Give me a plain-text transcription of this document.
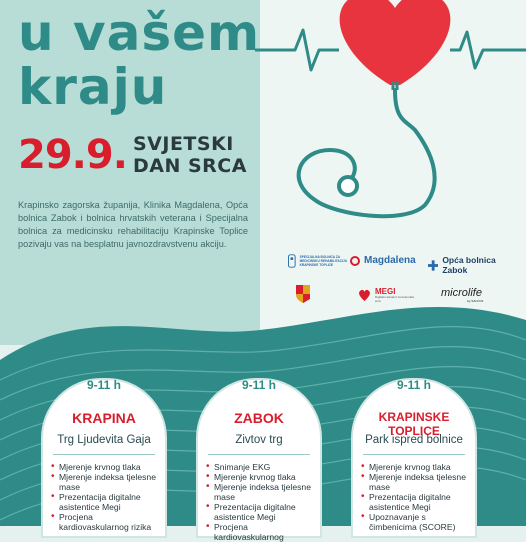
u vašem
kraju
29.9. SVJETSKI
DAN SRCA
Krapinsko zagorska županija, Klinika Magdalena, Opća bolnica Zabok i bolnica hrvatskih veterana i Specijalna bolnica za medicinsku rehabilitaciju Krapinske Toplice pozivaju vas na besplatnu javnozdravstvenu akciju.
SPECIJALNA BOLNICA ZA MEDICINSKU REHABILITACIJU KRAPINSKE TOPLICE	Magdalena	Opća bolnica Zabok
MEGI
Digitalni asistent za bolesnike srca
microlife
by SALFUS
9-11 h
KRAPINA
Trg Ljudevita Gaja
• Mjerenje krvnog tlaka
• Mjerenje indeksa tjelesne mase
• Prezentacija digitalne asistentice Megi
• Procjena kardiovaskularnog rizika
9-11 h
ZABOK
Zivtov trg
• Snimanje EKG
• Mjerenje krvnog tlaka
• Mjerenje indeksa tjelesne mase
• Prezentacija digitalne asistentice Megi
• Procjena kardiovaskularnog
9-11 h
KRAPINSKE TOPLICE
Park ispred bolnice
• Mjerenje krvnog tlaka
• Mjerenje indeksa tjelesne mase
• Prezentacija digitalne asistentice Megi
• Upoznavanje s čimbenicima (SCORE)
